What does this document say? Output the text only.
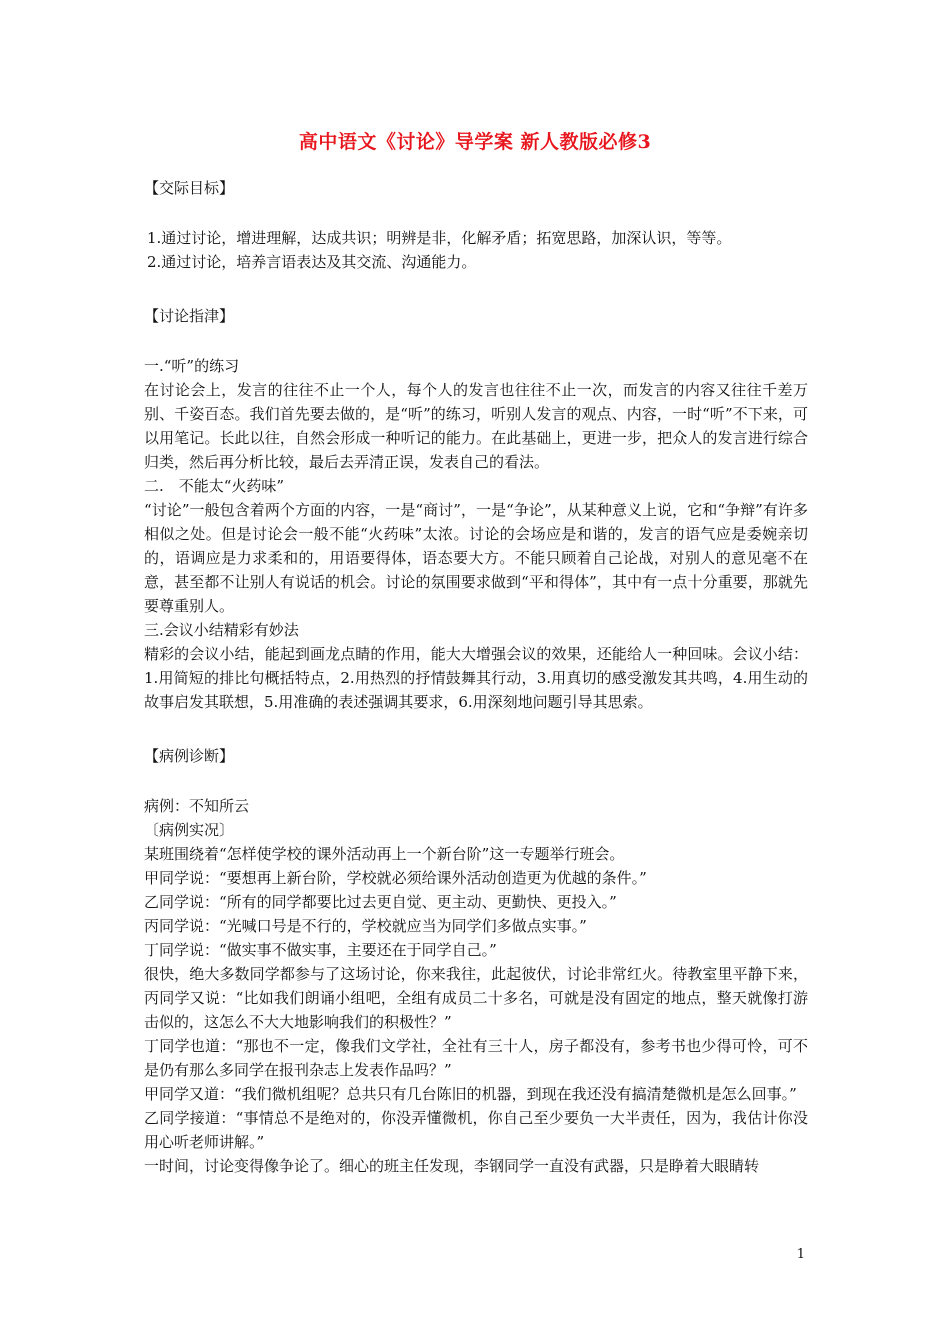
高中语文《讨论》导学案 新人教版必修3

【交际目标】

1.通过讨论，增进理解，达成共识；明辨是非，化解矛盾；拓宽思路，加深认识，等等。

2.通过讨论，培养言语表达及其交流、沟通能力。

【讨论指津】

一.“听”的练习

在讨论会上，发言的往往不止一个人，每个人的发言也往往不止一次，而发言的内容又往往千差万别、千姿百态。我们首先要去做的，是“听”的练习，听别人发言的观点、内容，一时“听”不下来，可以用笔记。长此以往，自然会形成一种听记的能力。在此基础上，更进一步，把众人的发言进行综合归类，然后再分析比较，最后去弄清正误，发表自己的看法。

二.　不能太“火药味”

“讨论”一般包含着两个方面的内容，一是“商讨”，一是“争论”，从某种意义上说，它和“争辩”有许多相似之处。但是讨论会一般不能“火药味”太浓。讨论的会场应是和谐的，发言的语气应是委婉亲切的，语调应是力求柔和的，用语要得体，语态要大方。不能只顾着自己论战，对别人的意见毫不在意，甚至都不让别人有说话的机会。讨论的氛围要求做到“平和得体”，其中有一点十分重要，那就先要尊重别人。

三.会议小结精彩有妙法

精彩的会议小结，能起到画龙点睛的作用，能大大增强会议的效果，还能给人一种回味。会议小结：1.用简短的排比句概括特点，2.用热烈的抒情鼓舞其行动，3.用真切的感受激发其共鸣，4.用生动的故事启发其联想，5.用准确的表述强调其要求，6.用深刻地问题引导其思索。

【病例诊断】

病例：不知所云

〔病例实况〕

某班围绕着“怎样使学校的课外活动再上一个新台阶”这一专题举行班会。

甲同学说：“要想再上新台阶，学校就必须给课外活动创造更为优越的条件。”

乙同学说：“所有的同学都要比过去更自觉、更主动、更勤快、更投入。”

丙同学说：“光喊口号是不行的，学校就应当为同学们多做点实事。”

丁同学说：“做实事不做实事，主要还在于同学自己。”

很快，绝大多数同学都参与了这场讨论，你来我往，此起彼伏，讨论非常红火。待教室里平静下来，丙同学又说：“比如我们朗诵小组吧，全组有成员二十多名，可就是没有固定的地点，整天就像打游击似的，这怎么不大大地影响我们的积极性？”

丁同学也道：“那也不一定，像我们文学社，全社有三十人，房子都没有，参考书也少得可怜，可不是仍有那么多同学在报刊杂志上发表作品吗？”

甲同学又道：“我们微机组呢？总共只有几台陈旧的机器，到现在我还没有搞清楚微机是怎么回事。”

乙同学接道：“事情总不是绝对的，你没弄懂微机，你自己至少要负一大半责任，因为，我估计你没用心听老师讲解。”

一时间，讨论变得像争论了。细心的班主任发现，李钢同学一直没有武器，只是睁着大眼睛转

1
